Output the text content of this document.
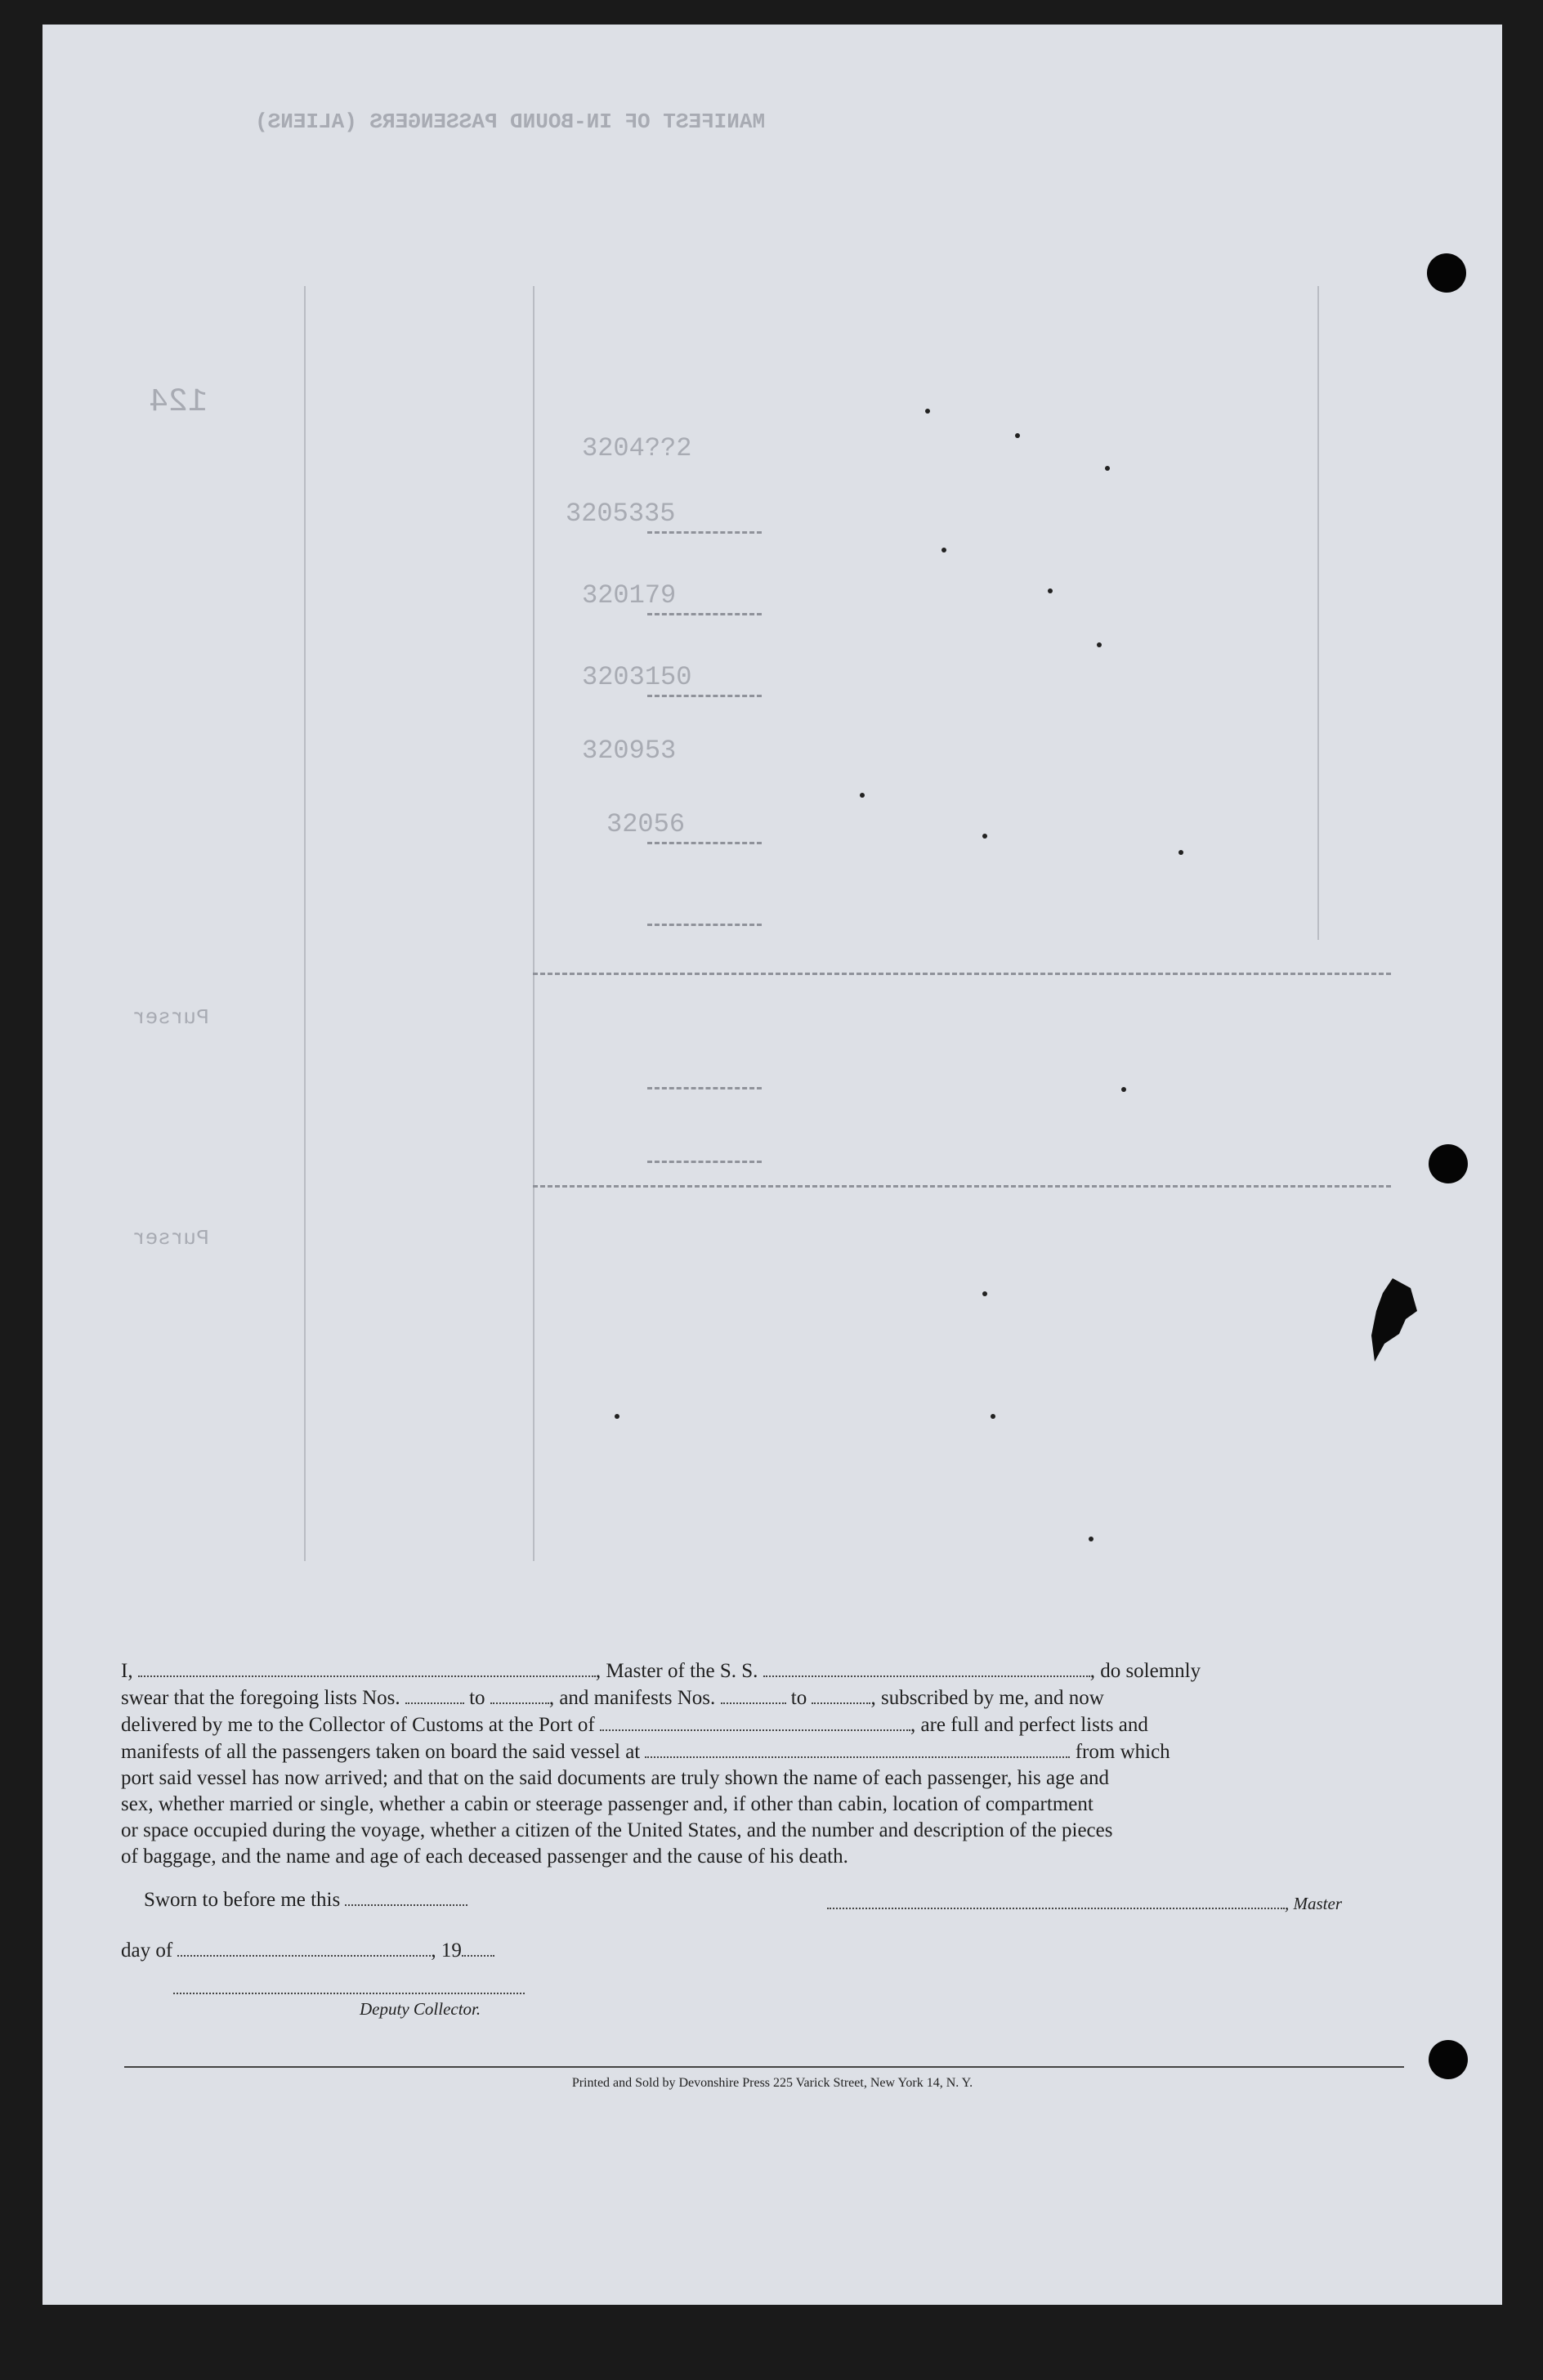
MANIFEST OF IN-BOUND PASSENGERS (ALIENS)
124
Purser
Purser
3204??2
3205335
320179
3203150
320953
32056

I,	, Master of the S. S.	, do solemnly

swear that the foregoing lists Nos.	to	, and manifests Nos.	to	, subscribed by me, and now

delivered by me to the Collector of Customs at the Port of	, are full and perfect lists and

manifests of all the passengers taken on board the said vessel at	from which

port said vessel has now arrived; and that on the said documents are truly shown the name of each passenger, his age and

sex, whether married or single, whether a cabin or steerage passenger and, if other than cabin, location of compartment

or space occupied during the voyage, whether a citizen of the United States, and the number and description of the pieces

of baggage, and the name and age of each deceased passenger and the cause of his death.

Sworn to before me this	, Master
day of	, 19
Deputy Collector.
Printed and Sold by Devonshire Press 225 Varick Street, New York 14, N. Y.
